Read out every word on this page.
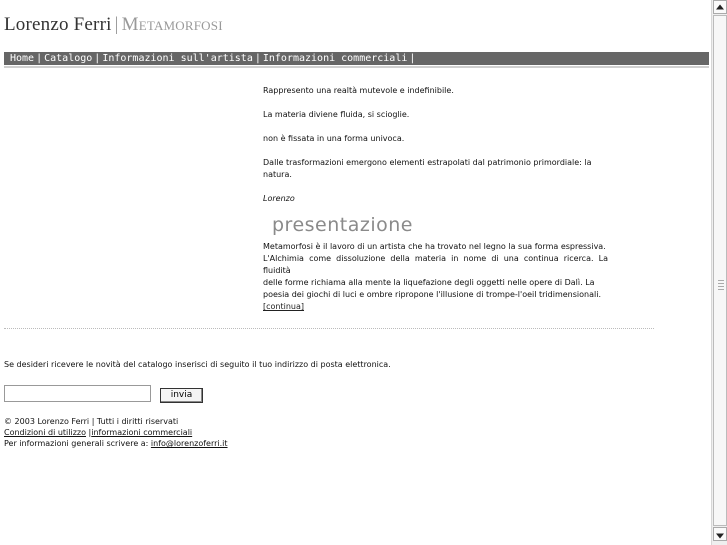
Lorenzo Ferri | Metamorfosi
Home | Catalogo | Informazioni sull'artista | Informazioni commerciali |

Rappresento una realtà mutevole e indefinibile.

La materia diviene fluida, si scioglie.

non è fissata in una forma univoca.

Dalle trasformazioni emergono elementi estrapolati dal patrimonio primordiale: la natura.

Lorenzo

presentazione
Metamorfosi è il lavoro di un artista che ha trovato nel legno la sua forma espressiva.
L'Alchimia come dissoluzione della materia in nome di una continua ricerca. La fluidità
delle forme richiama alla mente la liquefazione degli oggetti nelle opere di Dalì. La
poesia dei giochi di luci e ombre ripropone l'illusione di trompe-l'oeil tridimensionali.
[continua]
Se desideri ricevere le novità del catalogo inserisci di seguito il tuo indirizzo di posta elettronica.
invia
© 2003 Lorenzo Ferri | Tutti i diritti riservati
Condizioni di utilizzo |informazioni commerciali
Per informazioni generali scrivere a: info@lorenzoferri.it
